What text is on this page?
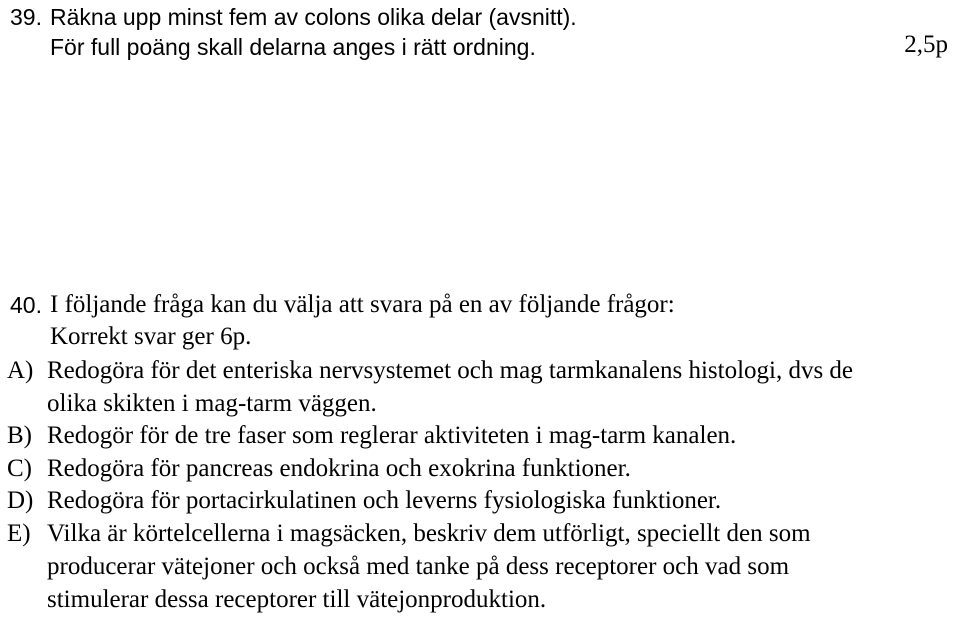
39. Räkna upp minst fem av colons olika delar (avsnitt).
För full poäng skall delarna anges i rätt ordning.	2,5p
40. I följande fråga kan du välja att svara på en av följande frågor:
Korrekt svar ger 6p.
A) Redogöra för det enteriska nervsystemet och mag tarmkanalens histologi, dvs de
olika skikten i mag-tarm väggen.
B) Redogör för de tre faser som reglerar aktiviteten i mag-tarm kanalen.
C) Redogöra för pancreas endokrina och exokrina funktioner.
D) Redogöra för portacirkulatinen och leverns fysiologiska funktioner.
E) Vilka är körtelcellerna i magsäcken, beskriv dem utförligt, speciellt den som
producerar vätejoner och också med tanke på dess receptorer och vad som
stimulerar dessa receptorer till vätejonproduktion.
